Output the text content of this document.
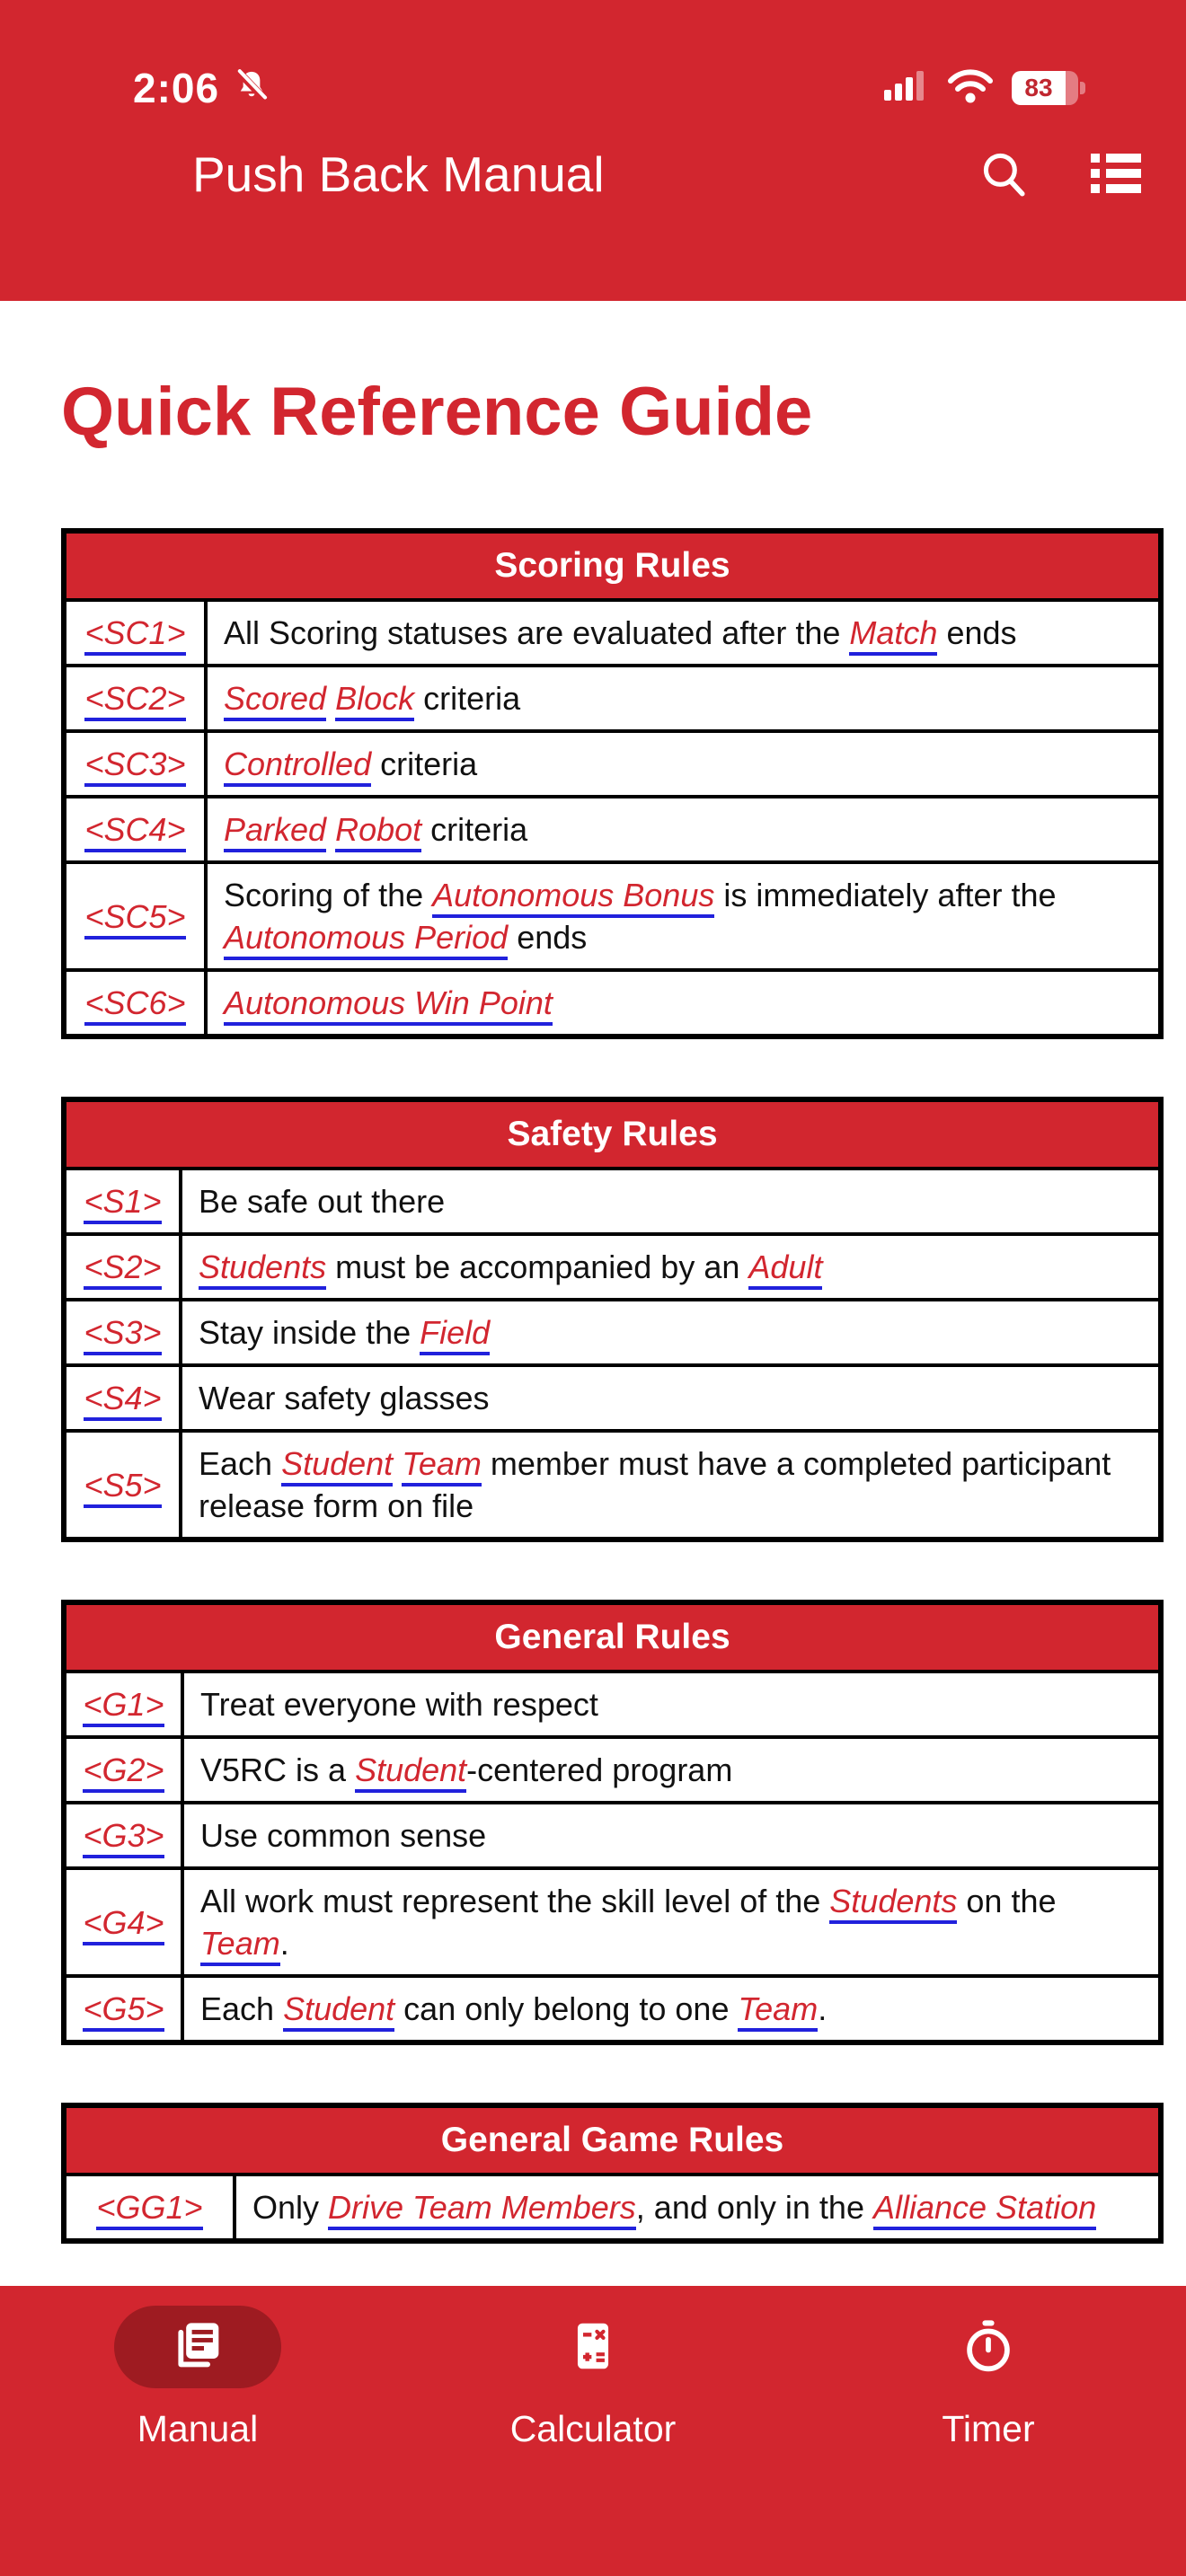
2:06	83
Push Back Manual
Quick Reference Guide
Scoring Rules	
<SC1>	All Scoring statuses are evaluated after the Match ends
<SC2>	Scored Block criteria
<SC3>	Controlled criteria
<SC4>	Parked Robot criteria
<SC5>	Scoring of the Autonomous Bonus is immediately after the Autonomous Period ends
<SC6>	Autonomous Win Point
Safety Rules	
<S1>	Be safe out there
<S2>	Students must be accompanied by an Adult
<S3>	Stay inside the Field
<S4>	Wear safety glasses
<S5>	Each Student Team member must have a completed participant release form on file
General Rules	
<G1>	Treat everyone with respect
<G2>	V5RC is a Student-centered program
<G3>	Use common sense
<G4>	All work must represent the skill level of the Students on the Team.
<G5>	Each Student can only belong to one Team.
General Game Rules
<GG1>	Only Drive Team Members, and only in the Alliance Station
Manual	Calculator	Timer
